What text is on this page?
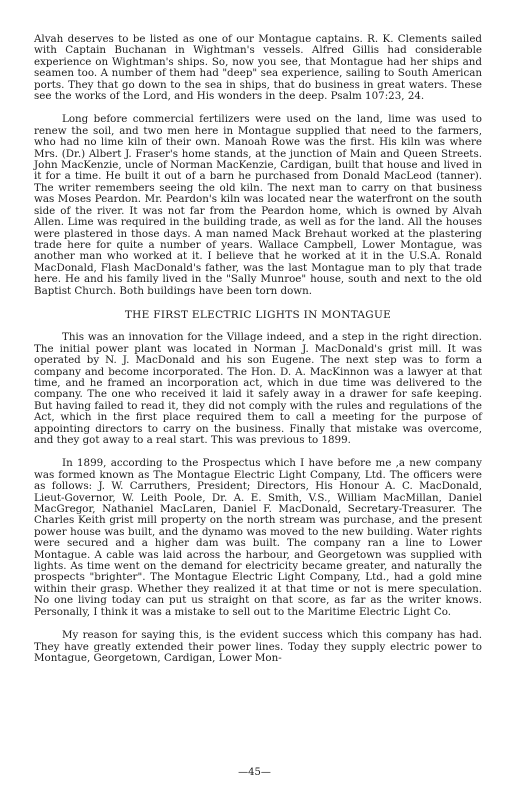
Alvah deserves to be listed as one of our Montague captains. R. K. Clements sailed with Captain Buchanan in Wightman's vessels. Alfred Gillis had considerable experience on Wightman's ships. So, now you see, that Montague had her ships and seamen too. A number of them had "deep" sea experience, sailing to South American ports. They that go down to the sea in ships, that do business in great waters. These see the works of the Lord, and His wonders in the deep. Psalm 107:23, 24.

Long before commercial fertilizers were used on the land, lime was used to renew the soil, and two men here in Montague supplied that need to the farmers, who had no lime kiln of their own. Manoah Rowe was the first. His kiln was where Mrs. (Dr.) Albert J. Fraser's home stands, at the junction of Main and Queen Streets. John MacKenzie, uncle of Norman MacKenzie, Cardigan, built that house and lived in it for a time. He built it out of a barn he purchased from Donald MacLeod (tanner). The writer remembers seeing the old kiln. The next man to carry on that business was Moses Peardon. Mr. Peardon's kiln was located near the waterfront on the south side of the river. It was not far from the Peardon home, which is owned by Alvah Allen. Lime was required in the building trade, as well as for the land. All the houses were plastered in those days. A man named Mack Brehaut worked at the plastering trade here for quite a number of years. Wallace Campbell, Lower Montague, was another man who worked at it. I believe that he worked at it in the U.S.A. Ronald MacDonald, Flash MacDonald's father, was the last Montague man to ply that trade here. He and his family lived in the "Sally Munroe" house, south and next to the old Baptist Church. Both buildings have been torn down.

THE FIRST ELECTRIC LIGHTS IN MONTAGUE

This was an innovation for the Village indeed, and a step in the right direction. The initial power plant was located in Norman J. MacDonald's grist mill. It was operated by N. J. MacDonald and his son Eugene. The next step was to form a company and become incorporated. The Hon. D. A. MacKinnon was a lawyer at that time, and he framed an incorporation act, which in due time was delivered to the company. The one who received it laid it safely away in a drawer for safe keeping. But having failed to read it, they did not comply with the rules and regulations of the Act, which in the first place required them to call a meeting for the purpose of appointing directors to carry on the business. Finally that mistake was overcome, and they got away to a real start. This was previous to 1899.

In 1899, according to the Prospectus which I have before me ,a new company was formed known as The Montague Electric Light Company, Ltd. The officers were as follows: J. W. Carruthers, President; Directors, His Honour A. C. MacDonald, Lieut-Governor, W. Leith Poole, Dr. A. E. Smith, V.S., William MacMillan, Daniel MacGregor, Nathaniel MacLaren, Daniel F. MacDonald, Secretary-Treasurer. The Charles Keith grist mill property on the north stream was purchase, and the present power house was built, and the dynamo was moved to the new building. Water rights were secured and a higher dam was built. The company ran a line to Lower Montague. A cable was laid across the harbour, and Georgetown was supplied with lights. As time went on the demand for electricity became greater, and naturally the prospects "brighter". The Montague Electric Light Company, Ltd., had a gold mine within their grasp. Whether they realized it at that time or not is mere speculation. No one living today can put us straight on that score, as far as the writer knows. Personally, I think it was a mistake to sell out to the Maritime Electric Light Co.

My reason for saying this, is the evident success which this company has had. They have greatly extended their power lines. Today they supply electric power to Montague, Georgetown, Cardigan, Lower Mon-

—45—
